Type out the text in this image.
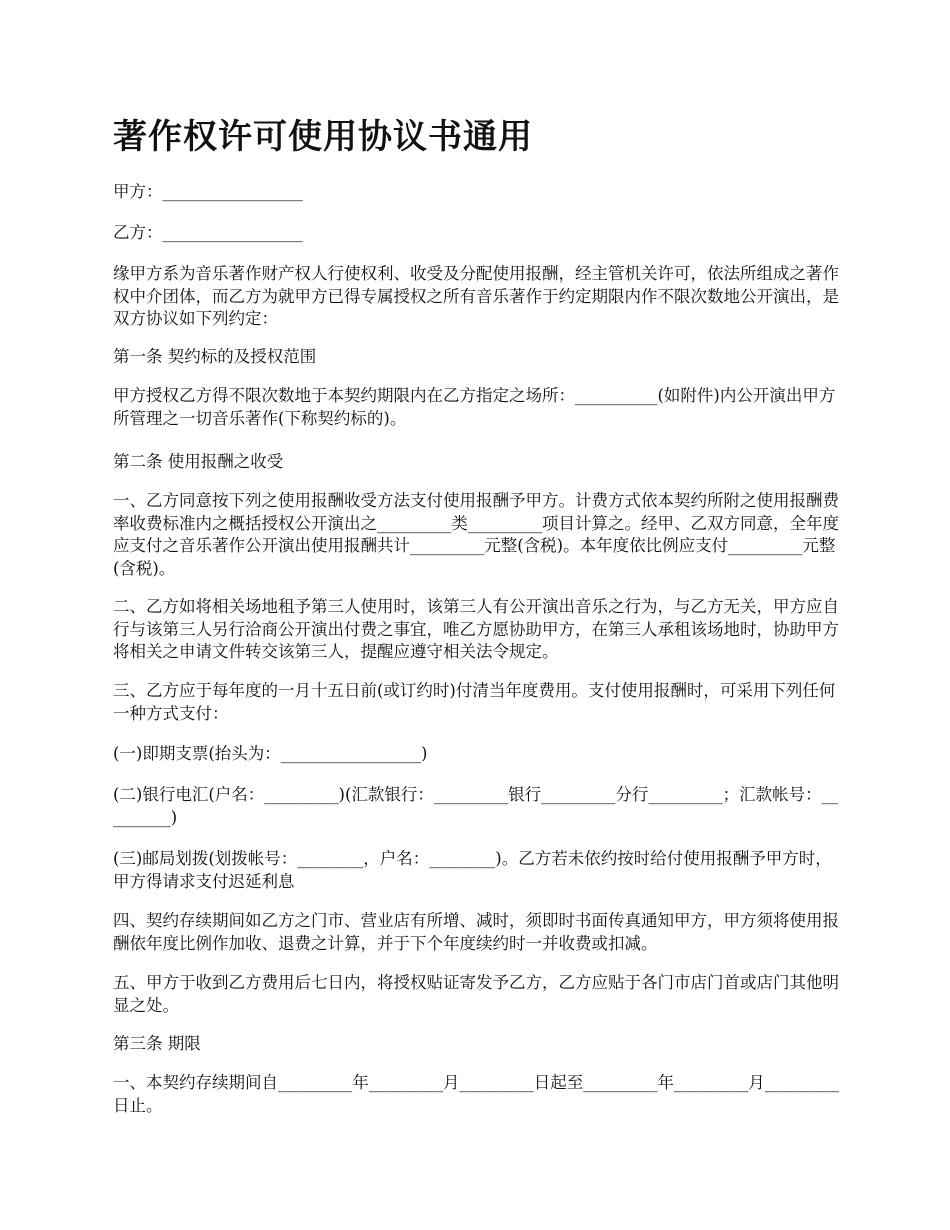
著作权许可使用协议书通用

甲方：_________________

乙方：_________________

缘甲方系为音乐著作财产权人行使权利、收受及分配使用报酬，经主管机关许可，依法所组成之著作权中介团体，而乙方为就甲方已得专属授权之所有音乐著作于约定期限内作不限次数地公开演出，是双方协议如下列约定：

第一条 契约标的及授权范围

甲方授权乙方得不限次数地于本契约期限内在乙方指定之场所：__________(如附件)内公开演出甲方所管理之一切音乐著作(下称契约标的)。

第二条 使用报酬之收受

一、乙方同意按下列之使用报酬收受方法支付使用报酬予甲方。计费方式依本契约所附之使用报酬费率收费标准内之概括授权公开演出之_________类_________项目计算之。经甲、乙双方同意，全年度应支付之音乐著作公开演出使用报酬共计_________元整(含税)。本年度依比例应支付_________元整(含税)。

二、乙方如将相关场地租予第三人使用时，该第三人有公开演出音乐之行为，与乙方无关，甲方应自行与该第三人另行洽商公开演出付费之事宜，唯乙方愿协助甲方，在第三人承租该场地时，协助甲方将相关之申请文件转交该第三人，提醒应遵守相关法令规定。

三、乙方应于每年度的一月十五日前(或订约时)付清当年度费用。支付使用报酬时，可采用下列任何一种方式支付：

(一)即期支票(抬头为：_________________)

(二)银行电汇(户名：_________)(汇款银行：_________银行_________分行_________；汇款帐号：_________)

(三)邮局划拨(划拨帐号：________，户名：________)。乙方若未依约按时给付使用报酬予甲方时，甲方得请求支付迟延利息

四、契约存续期间如乙方之门市、营业店有所增、减时，须即时书面传真通知甲方，甲方须将使用报酬依年度比例作加收、退费之计算，并于下个年度续约时一并收费或扣减。

五、甲方于收到乙方费用后七日内，将授权贴证寄发予乙方，乙方应贴于各门市店门首或店门其他明显之处。

第三条 期限

一、本契约存续期间自_________年_________月_________日起至_________年_________月_________日止。
